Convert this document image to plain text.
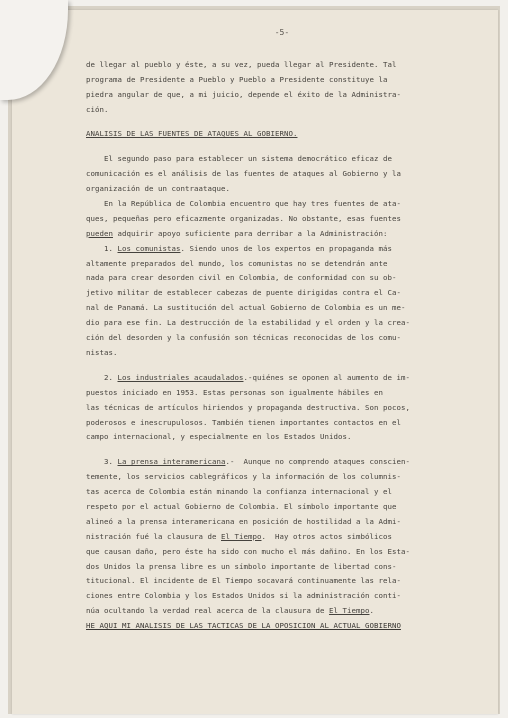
-5-
de llegar al pueblo y éste, a su vez, pueda llegar al Presidente. Tal
programa de Presidente a Pueblo y Pueblo a Presidente constituye la
piedra angular de que, a mi juicio, depende el éxito de la Administra-
ción.
ANALISIS DE LAS FUENTES DE ATAQUES AL GOBIERNO.
El segundo paso para establecer un sistema democrático eficaz de
comunicación es el análisis de las fuentes de ataques al Gobierno y la
organización de un contraataque.
En la República de Colombia encuentro que hay tres fuentes de ata-
ques, pequeñas pero eficazmente organizadas. No obstante, esas fuentes
pueden adquirir apoyo suficiente para derribar a la Administración:
1. Los comunistas. Siendo unos de los expertos en propaganda más
altamente preparados del mundo, los comunistas no se detendrán ante
nada para crear desorden civil en Colombia, de conformidad con su ob-
jetivo militar de establecer cabezas de puente dirigidas contra el Ca-
nal de Panamá. La sustitución del actual Gobierno de Colombia es un me-
dio para ese fin. La destrucción de la estabilidad y el orden y la crea-
ción del desorden y la confusión son técnicas reconocidas de los comu-
nistas.
2. Los industriales acaudalados.-quiénes se oponen al aumento de im-
puestos iniciado en 1953. Estas personas son igualmente hábiles en
las técnicas de artículos hiriendos y propaganda destructiva. Son pocos,
poderosos e inescrupulosos. También tienen importantes contactos en el
campo internacional, y especialmente en los Estados Unidos.
3. La prensa interamericana.-  Aunque no comprendo ataques conscien-
temente, los servicios cablegráficos y la información de los columnis-
tas acerca de Colombia están minando la confianza internacional y el
respeto por el actual Gobierno de Colombia. El símbolo importante que
alineó a la prensa interamericana en posición de hostilidad a la Admi-
nistración fué la clausura de El Tiempo.  Hay otros actos simbólicos
que causan daño, pero éste ha sido con mucho el más dañino. En los Esta-
dos Unidos la prensa libre es un símbolo importante de libertad cons-
titucional. El incidente de El Tiempo socavará continuamente las rela-
ciones entre Colombia y los Estados Unidos si la administración conti-
núa ocultando la verdad real acerca de la clausura de El Tiempo.
HE AQUI MI ANALISIS DE LAS TACTICAS DE LA OPOSICION AL ACTUAL GOBIERNO
